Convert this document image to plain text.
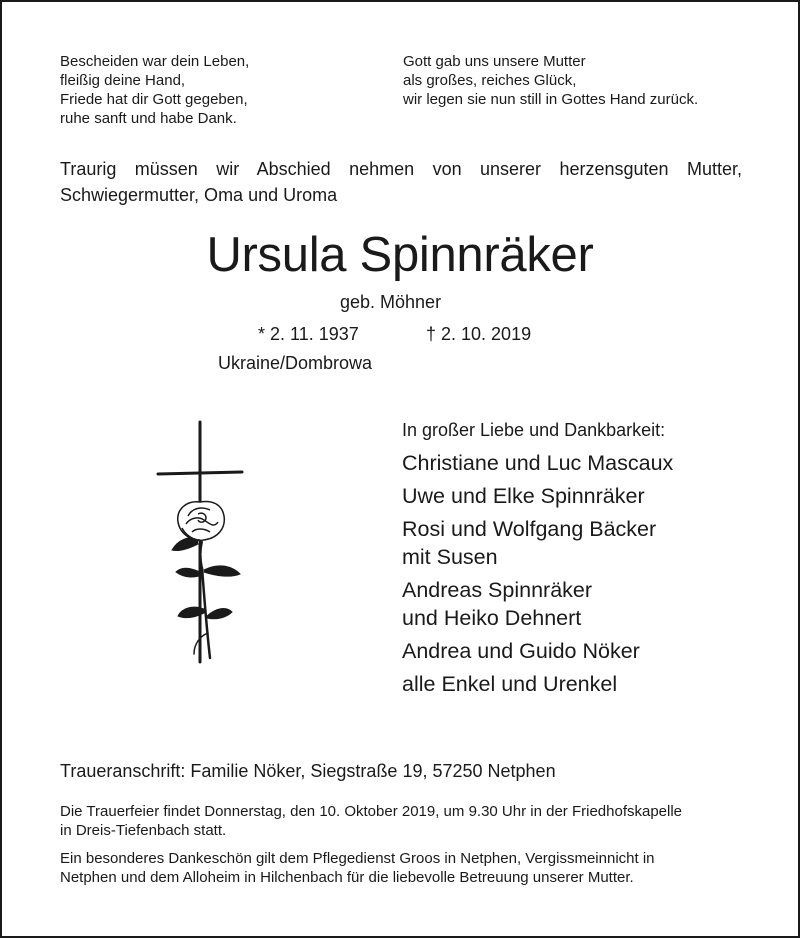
Bescheiden war dein Leben,
fleißig deine Hand,
Friede hat dir Gott gegeben,
ruhe sanft und habe Dank.
Gott gab uns unsere Mutter
als großes, reiches Glück,
wir legen sie nun still in Gottes Hand zurück.
Traurig müssen wir Abschied nehmen von unserer herzensguten Mutter,
Schwiegermutter, Oma und Uroma
Ursula Spinnräker
geb. Möhner
* 2. 11. 1937	† 2. 10. 2019
Ukraine/Dombrowa
In großer Liebe und Dankbarkeit:
Christiane und Luc Mascaux
Uwe und Elke Spinnräker
Rosi und Wolfgang Bäcker
mit Susen
Andreas Spinnräker
und Heiko Dehnert
Andrea und Guido Nöker
alle Enkel und Urenkel
Traueranschrift: Familie Nöker, Siegstraße 19, 57250 Netphen
Die Trauerfeier findet Donnerstag, den 10. Oktober 2019, um 9.30 Uhr in der Friedhofskapelle
in Dreis-Tiefenbach statt.
Ein besonderes Dankeschön gilt dem Pflegedienst Groos in Netphen, Vergissmeinnicht in
Netphen und dem Alloheim in Hilchenbach für die liebevolle Betreuung unserer Mutter.
